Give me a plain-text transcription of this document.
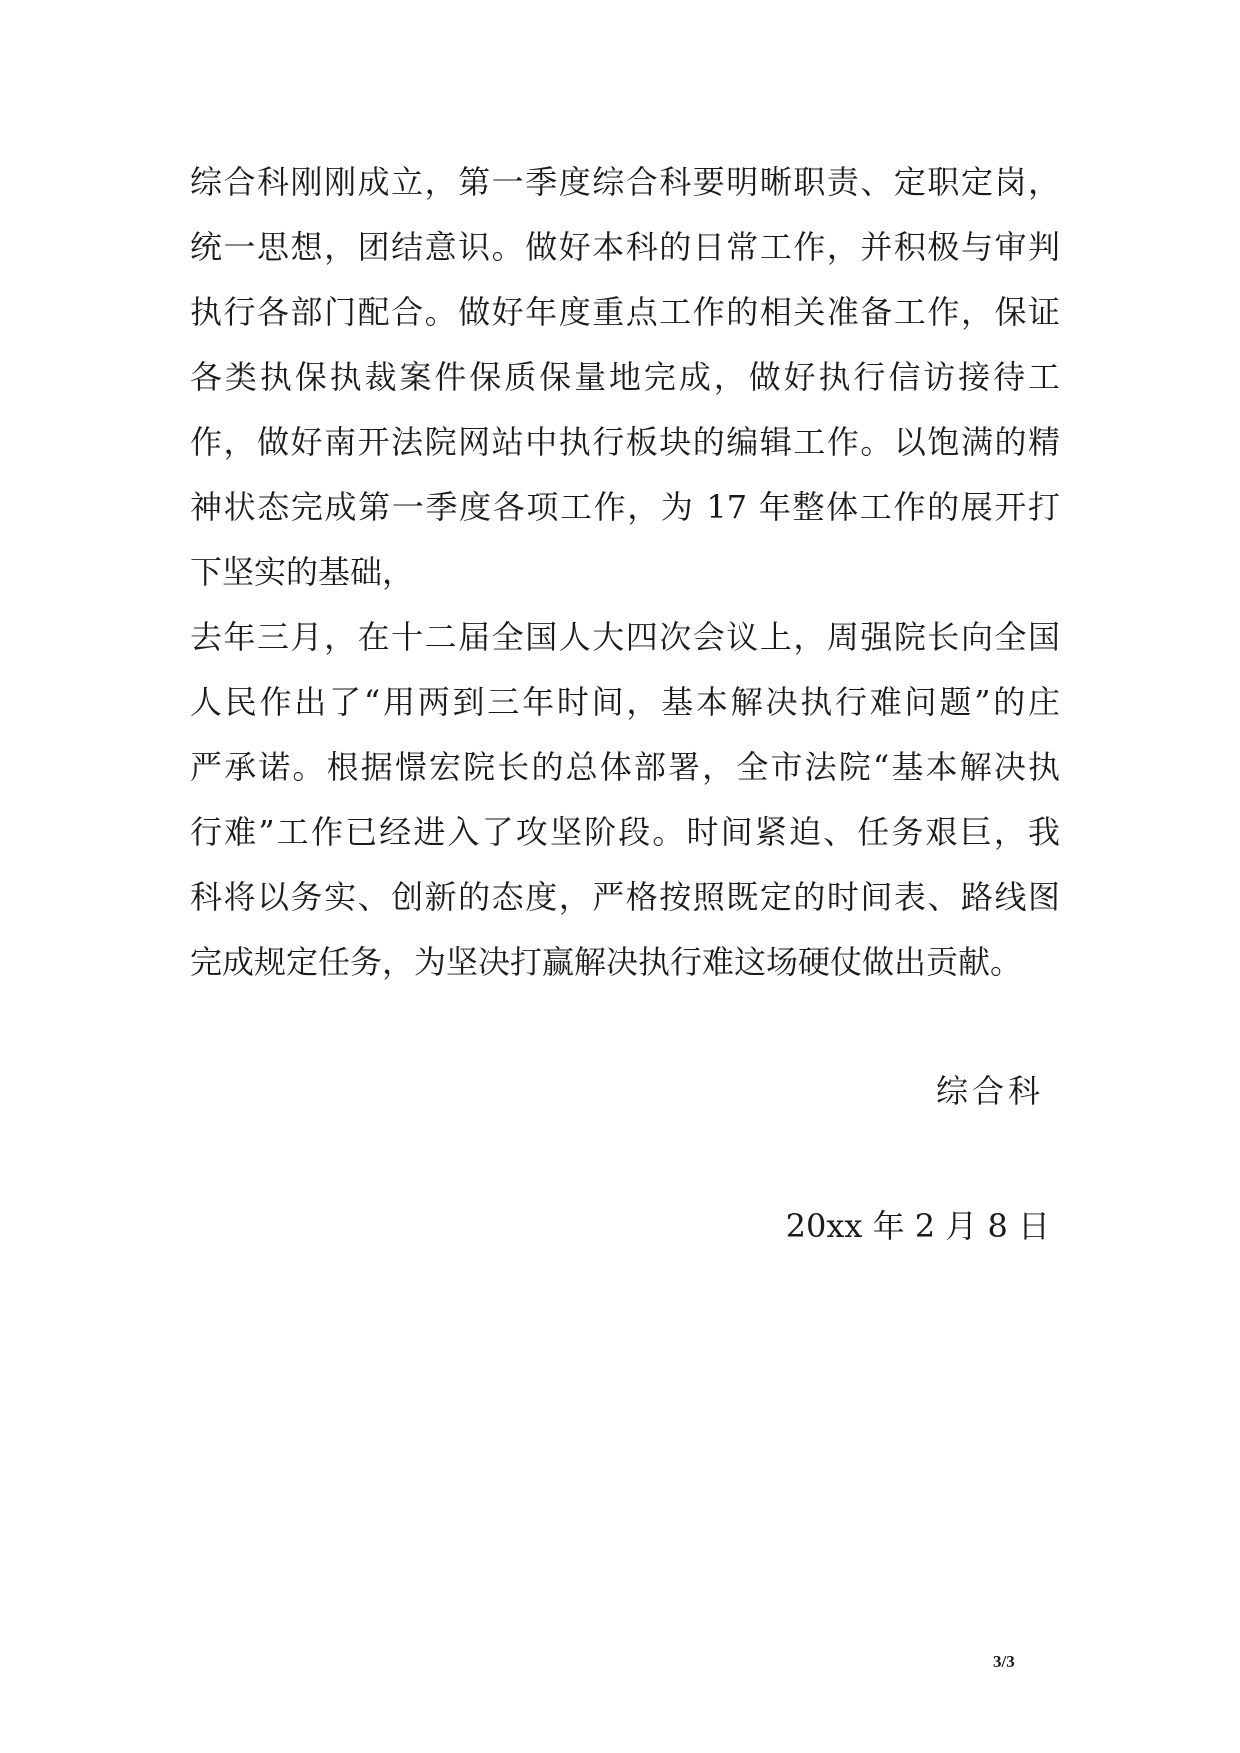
综合科刚刚成立，第一季度综合科要明晰职责、定职定岗，
统一思想，团结意识。做好本科的日常工作，并积极与审判
执行各部门配合。做好年度重点工作的相关准备工作，保证
各类执保执裁案件保质保量地完成，做好执行信访接待工
作，做好南开法院网站中执行板块的编辑工作。以饱满的精
神状态完成第一季度各项工作，为 17 年整体工作的展开打
下坚实的基础，
去年三月，在十二届全国人大四次会议上，周强院长向全国
人民作出了“用两到三年时间，基本解决执行难问题”的庄
严承诺。根据憬宏院长的总体部署，全市法院“基本解决执
行难”工作已经进入了攻坚阶段。时间紧迫、任务艰巨，我
科将以务实、创新的态度，严格按照既定的时间表、路线图
完成规定任务，为坚决打赢解决执行难这场硬仗做出贡献。
综合科
20xx 年 2 月 8 日
3/3
